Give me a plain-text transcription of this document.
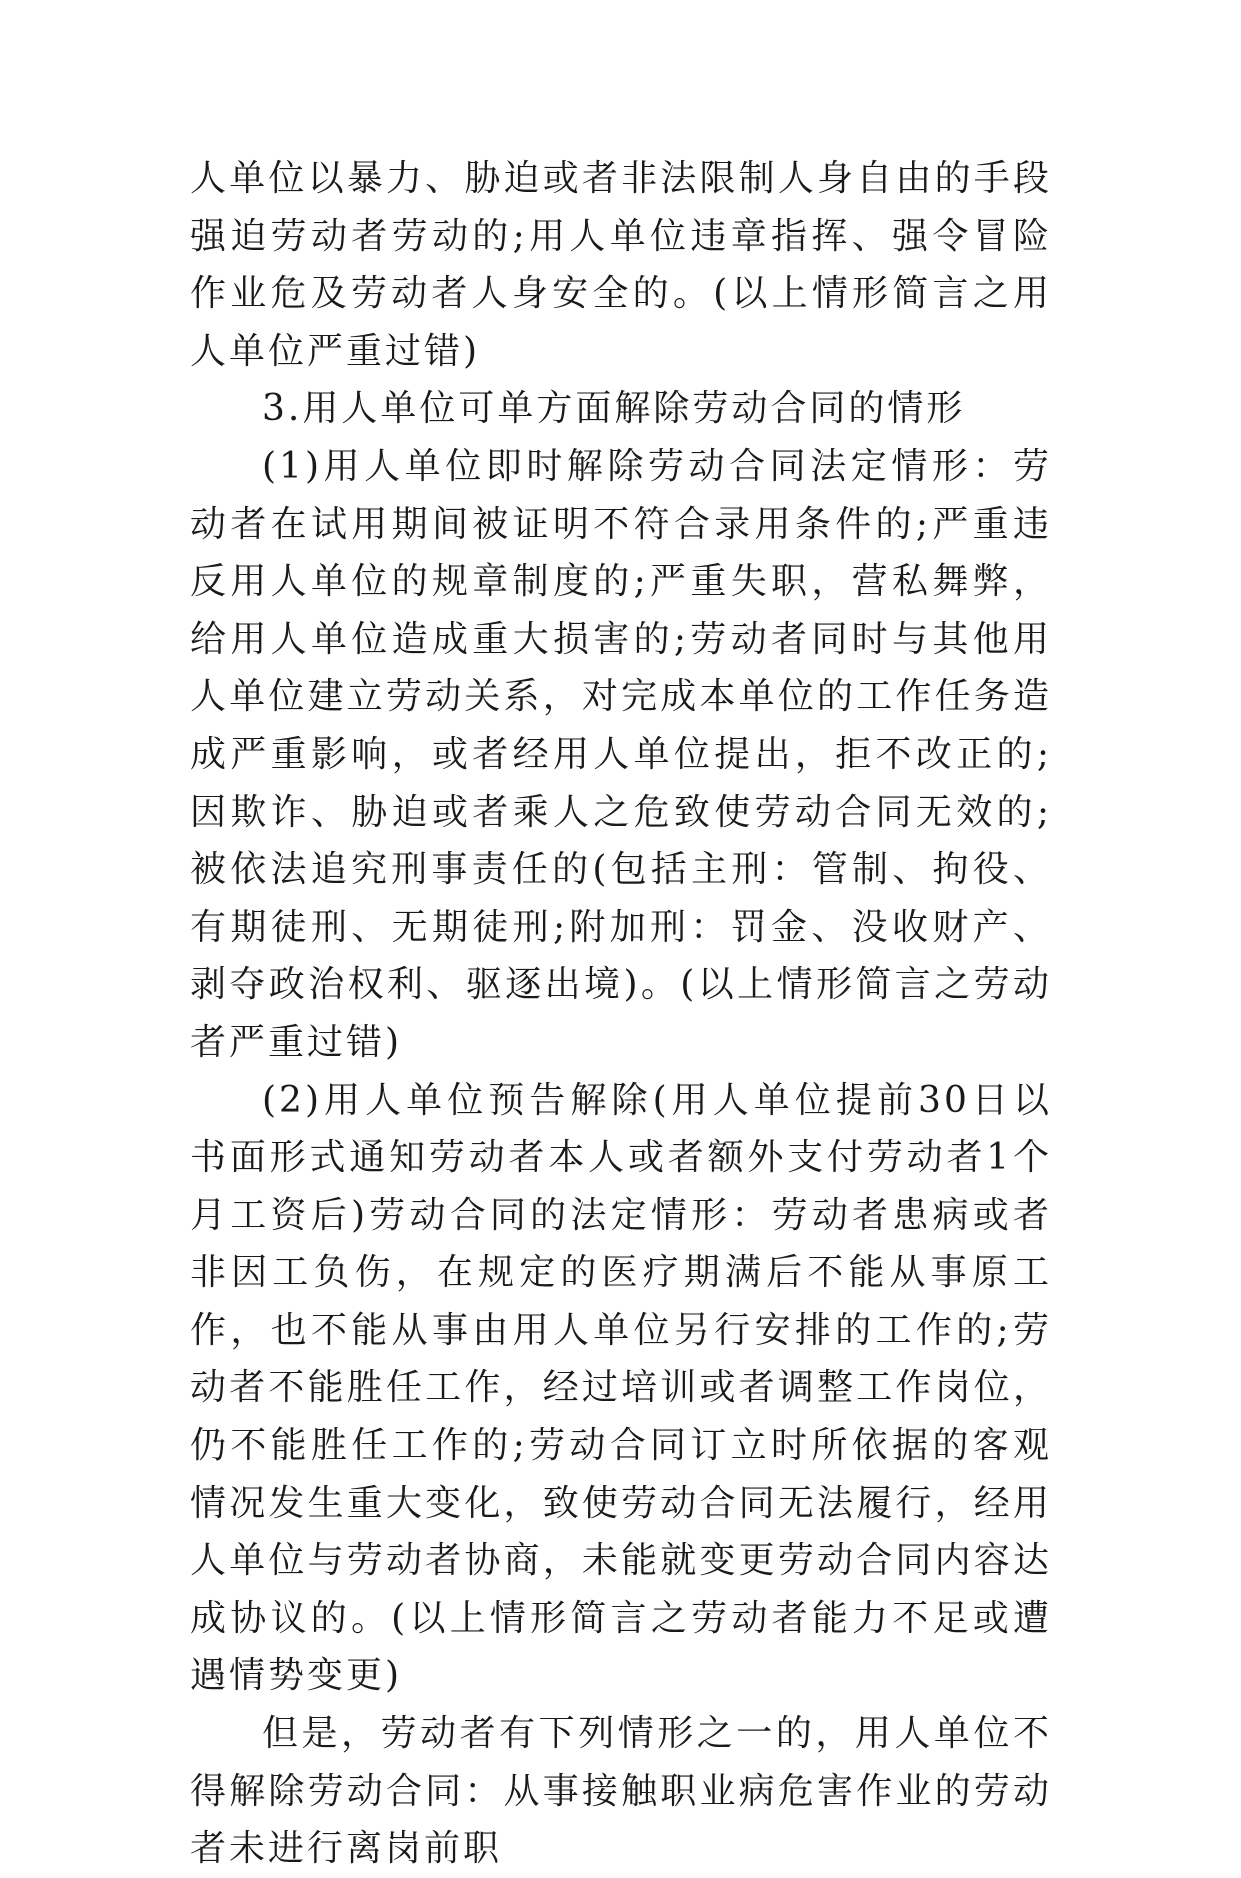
人单位以暴力、胁迫或者非法限制人身自由的手段强迫劳动者劳动的;用人单位违章指挥、强令冒险作业危及劳动者人身安全的。(以上情形简言之用人单位严重过错)

3.用人单位可单方面解除劳动合同的情形

(1)用人单位即时解除劳动合同法定情形：劳动者在试用期间被证明不符合录用条件的;严重违反用人单位的规章制度的;严重失职，营私舞弊，给用人单位造成重大损害的;劳动者同时与其他用人单位建立劳动关系，对完成本单位的工作任务造成严重影响，或者经用人单位提出，拒不改正的;因欺诈、胁迫或者乘人之危致使劳动合同无效的;被依法追究刑事责任的(包括主刑：管制、拘役、有期徒刑、无期徒刑;附加刑：罚金、没收财产、剥夺政治权利、驱逐出境)。(以上情形简言之劳动者严重过错)

(2)用人单位预告解除(用人单位提前30日以书面形式通知劳动者本人或者额外支付劳动者1个月工资后)劳动合同的法定情形：劳动者患病或者非因工负伤，在规定的医疗期满后不能从事原工作，也不能从事由用人单位另行安排的工作的;劳动者不能胜任工作，经过培训或者调整工作岗位，仍不能胜任工作的;劳动合同订立时所依据的客观情况发生重大变化，致使劳动合同无法履行，经用人单位与劳动者协商，未能就变更劳动合同内容达成协议的。(以上情形简言之劳动者能力不足或遭遇情势变更)

但是，劳动者有下列情形之一的，用人单位不得解除劳动合同：从事接触职业病危害作业的劳动者未进行离岗前职
